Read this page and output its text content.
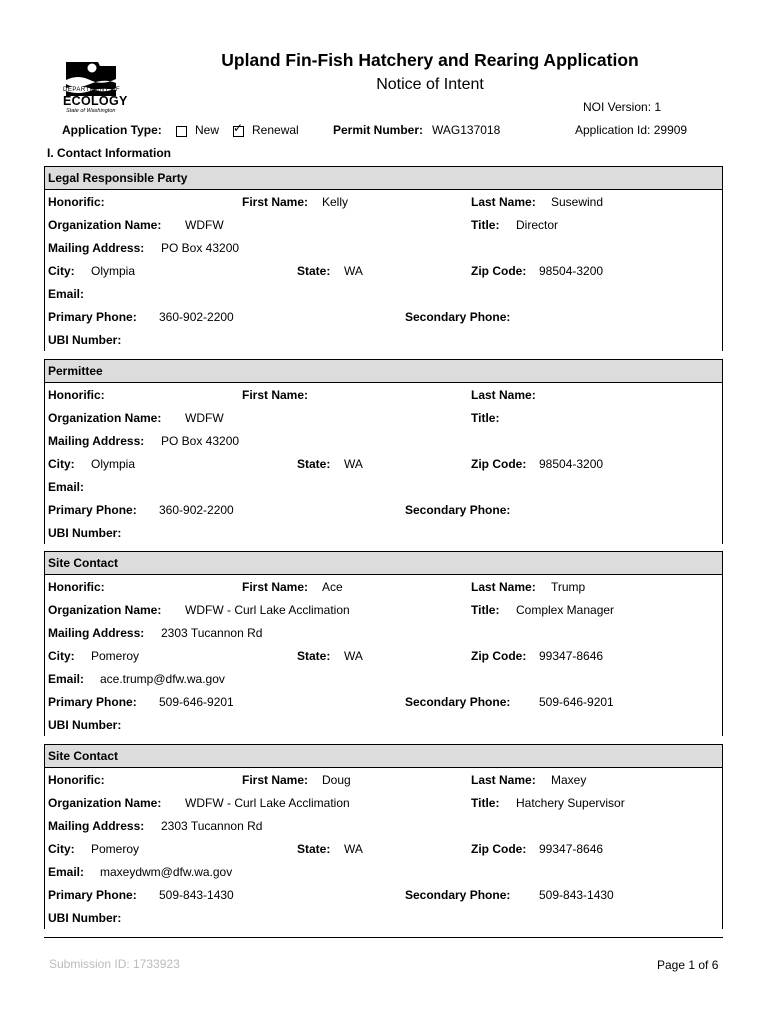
DEPARTMENT OF
ECOLOGY
State of Washington
Upland Fin-Fish Hatchery and Rearing Application
Notice of Intent
NOI Version: 1
Application Type:	New ✓ Renewal	Permit Number: WAG137018	Application Id: 29909
I. Contact Information
Legal Responsible Party
Honorific:	First Name: Kelly	Last Name: Susewind
Organization Name: WDFW	Title: Director
Mailing Address: PO Box 43200
City: Olympia	State: WA	Zip Code: 98504-3200
Email:
Primary Phone: 360-902-2200	Secondary Phone:
UBI Number:
Permittee
Honorific:	First Name:	Last Name:
Organization Name: WDFW	Title:
Mailing Address: PO Box 43200
City: Olympia	State: WA	Zip Code: 98504-3200
Email:
Primary Phone: 360-902-2200	Secondary Phone:
UBI Number:
Site Contact
Honorific:	First Name: Ace	Last Name: Trump
Organization Name: WDFW - Curl Lake Acclimation	Title: Complex Manager
Mailing Address: 2303 Tucannon Rd
City: Pomeroy	State: WA	Zip Code: 99347-8646
Email: ace.trump@dfw.wa.gov
Primary Phone: 509-646-9201	Secondary Phone: 509-646-9201
UBI Number:
Site Contact
Honorific:	First Name: Doug	Last Name: Maxey
Organization Name: WDFW - Curl Lake Acclimation	Title: Hatchery Supervisor
Mailing Address: 2303 Tucannon Rd
City: Pomeroy	State: WA	Zip Code: 99347-8646
Email: maxeydwm@dfw.wa.gov
Primary Phone: 509-843-1430	Secondary Phone: 509-843-1430
UBI Number:
Submission ID: 1733923	Page 1 of 6
